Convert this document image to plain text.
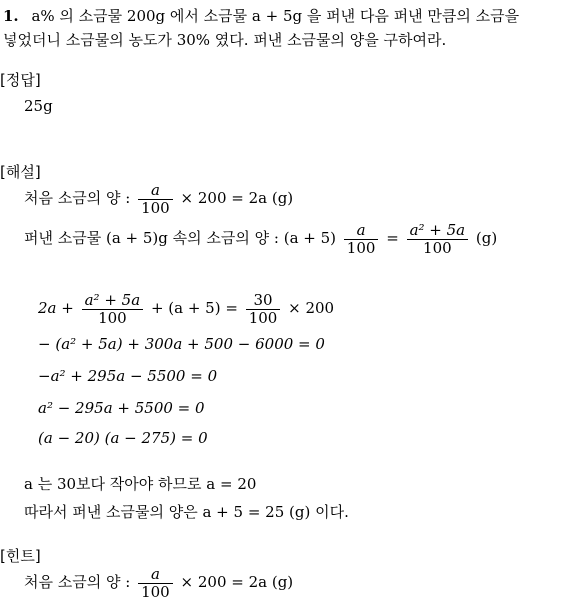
1. a% 의 소금물 200g 에서 소금물 a + 5g 을 퍼낸 다음 퍼낸 만큼의 소금을
넣었더니 소금물의 농도가 30% 였다. 퍼낸 소금물의 양을 구하여라.
[정답]
25g
[해설]
처음 소금의 양 : $\frac{a}{100} \times 200 = 2a$ (g)
퍼낸 소금물 (a + 5)g 속의 소금의 양 : $(a + 5) \frac{a}{100} = \frac{\text{a² + 5a}}{100} (g)$
$2a + \frac{\text{a² + 5a}}{100} + (a + 5) = \frac{30}{100} \times 200$
− (a² + 5a) + 300a + 500 − 6000 = 0
−a² + 295a − 5500 = 0
a² − 295a + 5500 = 0
(a − 20) (a − 275) = 0
a 는 30보다 작아야 하므로 a = 20
따라서 퍼낸 소금물의 양은 a + 5 = 25 (g) 이다.
[힌트]
처음 소금의 양 : $\frac{a}{100} \times 200 = 2a$ (g)
